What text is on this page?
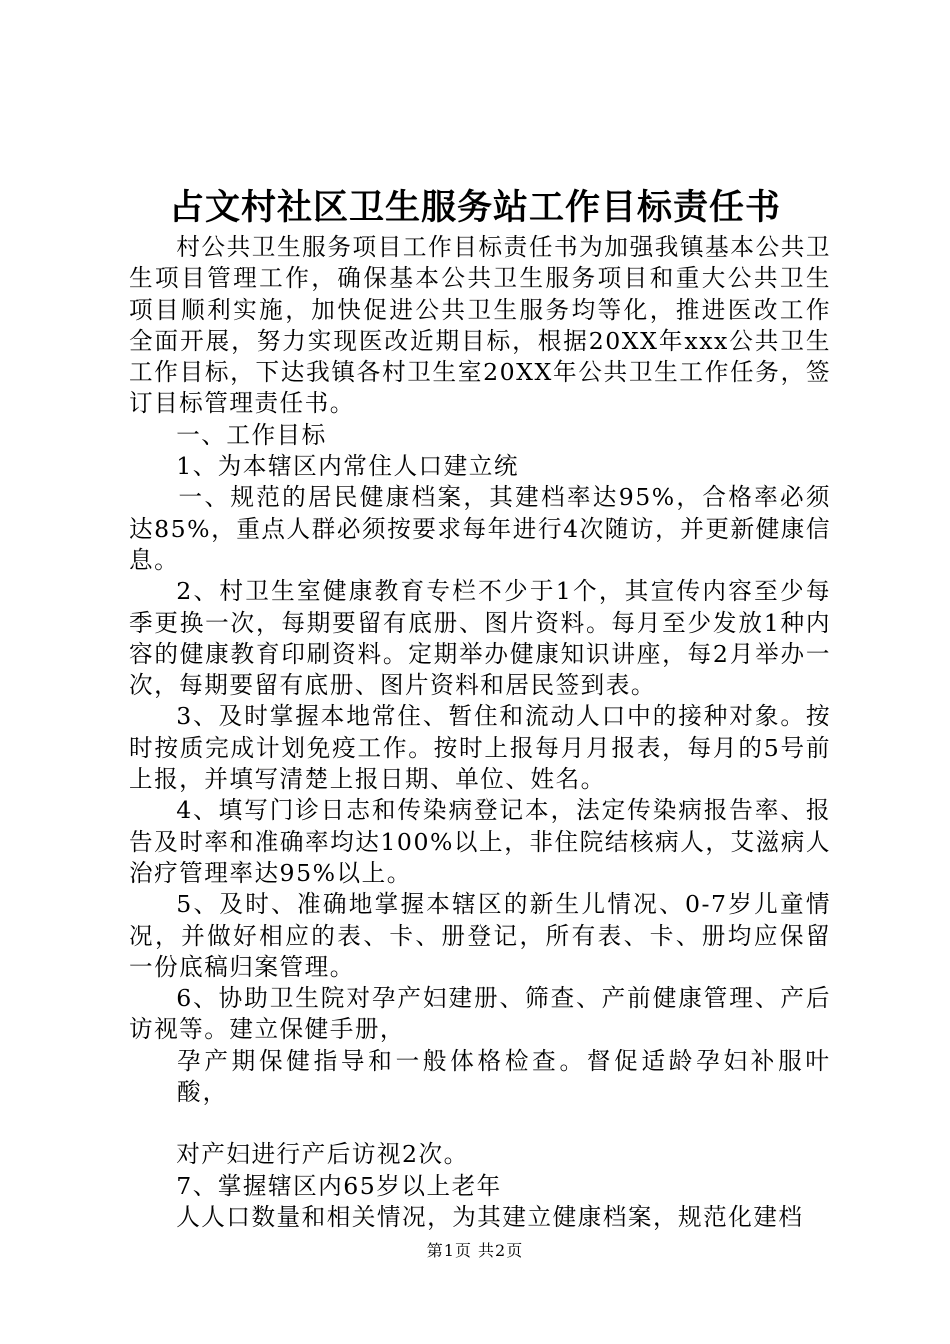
占文村社区卫生服务站工作目标责任书

村公共卫生服务项目工作目标责任书为加强我镇基本公共卫生项目管理工作，确保基本公共卫生服务项目和重大公共卫生项目顺利实施，加快促进公共卫生服务均等化，推进医改工作全面开展，努力实现医改近期目标，根据20XX年xxx公共卫生工作目标，下达我镇各村卫生室20XX年公共卫生工作任务，签订目标管理责任书。

一、工作目标

1、为本辖区内常住人口建立统

一、规范的居民健康档案，其建档率达95%，合格率必须达85%，重点人群必须按要求每年进行4次随访，并更新健康信息。

2、村卫生室健康教育专栏不少于1个，其宣传内容至少每季更换一次，每期要留有底册、图片资料。每月至少发放1种内容的健康教育印刷资料。定期举办健康知识讲座，每2月举办一次，每期要留有底册、图片资料和居民签到表。

3、及时掌握本地常住、暂住和流动人口中的接种对象。按时按质完成计划免疫工作。按时上报每月月报表，每月的5号前上报，并填写清楚上报日期、单位、姓名。

4、填写门诊日志和传染病登记本，法定传染病报告率、报告及时率和准确率均达100%以上，非住院结核病人，艾滋病人治疗管理率达95%以上。

5、及时、准确地掌握本辖区的新生儿情况、0-7岁儿童情况，并做好相应的表、卡、册登记，所有表、卡、册均应保留一份底稿归案管理。

6、协助卫生院对孕产妇建册、筛查、产前健康管理、产后访视等。建立保健手册，

孕产期保健指导和一般体格检查。督促适龄孕妇补服叶酸，

对产妇进行产后访视2次。

7、掌握辖区内65岁以上老年

人人口数量和相关情况，为其建立健康档案，规范化建档

第1页 共2页
